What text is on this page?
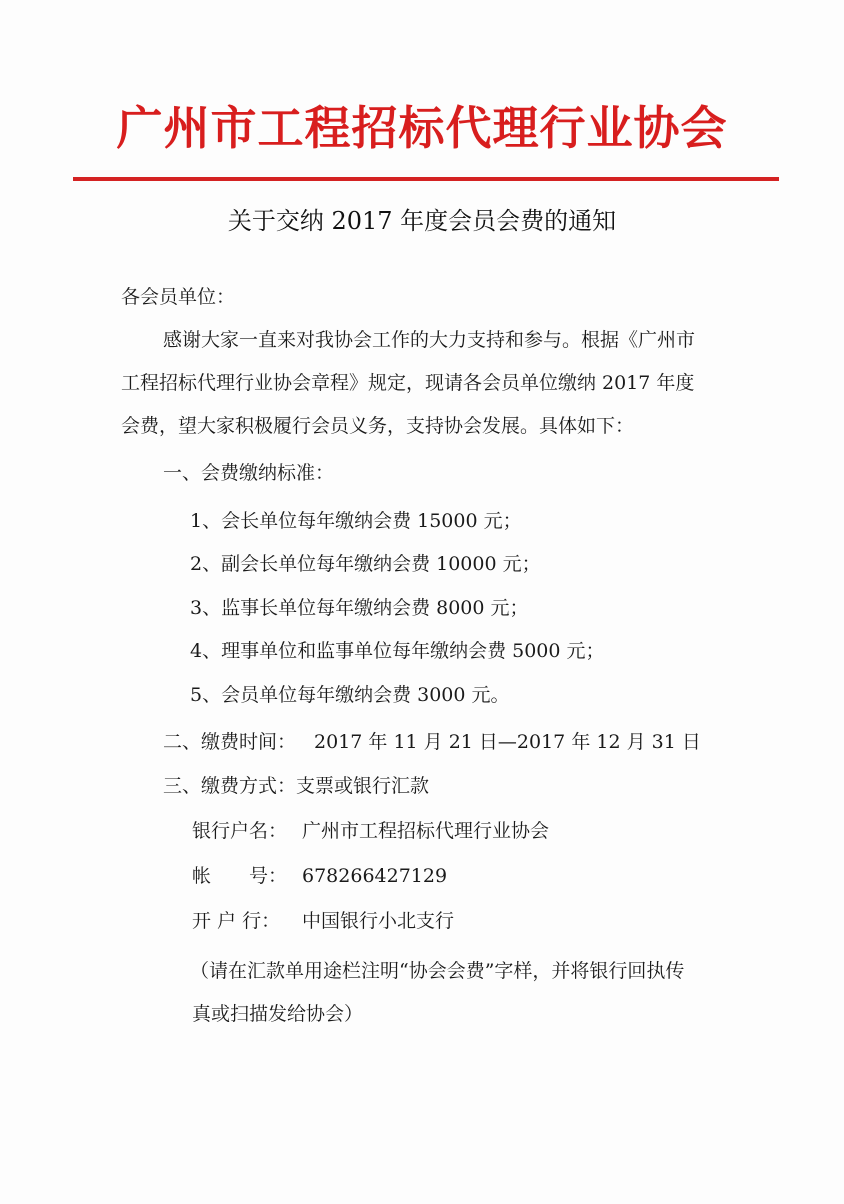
广州市工程招标代理行业协会
关于交纳 2017 年度会员会费的通知
各会员单位：
感谢大家一直来对我协会工作的大力支持和参与。根据《广州市
工程招标代理行业协会章程》规定，现请各会员单位缴纳 2017 年度
会费，望大家积极履行会员义务，支持协会发展。具体如下：
一、会费缴纳标准：
1、会长单位每年缴纳会费 15000 元；
2、副会长单位每年缴纳会费 10000 元；
3、监事长单位每年缴纳会费 8000 元；
4、理事单位和监事单位每年缴纳会费 5000 元；
5、会员单位每年缴纳会费 3000 元。
二、缴费时间： 2017 年 11 月 21 日—2017 年 12 月 31 日
三、缴费方式：支票或银行汇款
银行户名： 广州市工程招标代理行业协会
帐　　号： 678266427129
开 户 行： 中国银行小北支行
（请在汇款单用途栏注明“协会会费”字样，并将银行回执传
真或扫描发给协会）
